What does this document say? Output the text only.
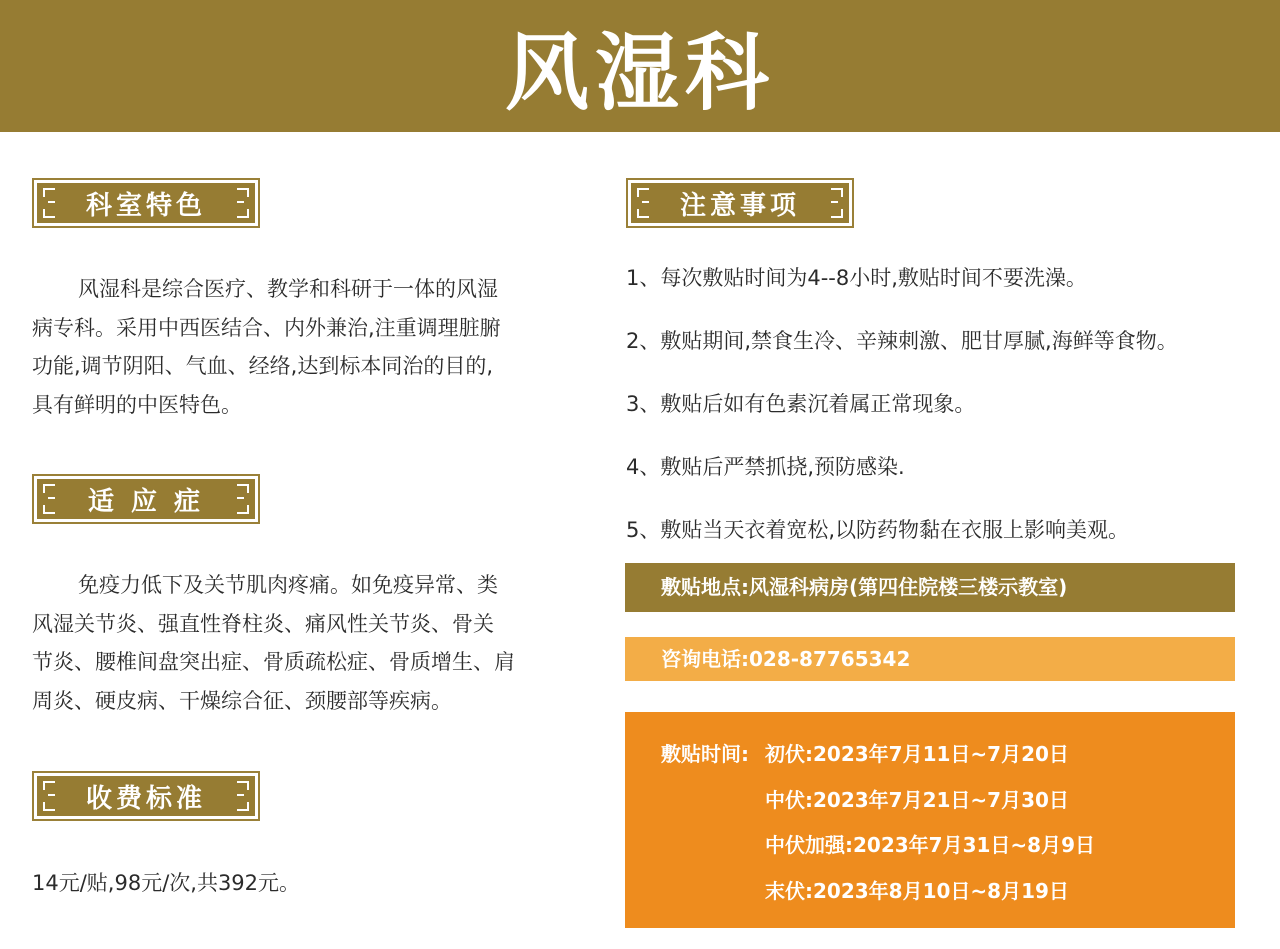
风湿科
科室特色
风湿科是综合医疗、教学和科研于一体的风湿
病专科。采用中西医结合、内外兼治,注重调理脏腑
功能,调节阴阳、气血、经络,达到标本同治的目的,
具有鲜明的中医特色。
适 应 症
免疫力低下及关节肌肉疼痛。如免疫异常、类
风湿关节炎、强直性脊柱炎、痛风性关节炎、骨关
节炎、腰椎间盘突出症、骨质疏松症、骨质增生、肩
周炎、硬皮病、干燥综合征、颈腰部等疾病。
收费标准
14元/贴,98元/次,共392元。
注意事项
1、每次敷贴时间为4--8小时,敷贴时间不要洗澡。
2、敷贴期间,禁食生冷、辛辣刺激、肥甘厚腻,海鲜等食物。
3、敷贴后如有色素沉着属正常现象。
4、敷贴后严禁抓挠,预防感染.
5、敷贴当天衣着宽松,以防药物黏在衣服上影响美观。
敷贴地点:风湿科病房(第四住院楼三楼示教室)
咨询电话:028-87765342
敷贴时间: 初伏:2023年7月11日~7月20日
中伏:2023年7月21日~7月30日
中伏加强:2023年7月31日~8月9日
末伏:2023年8月10日~8月19日
